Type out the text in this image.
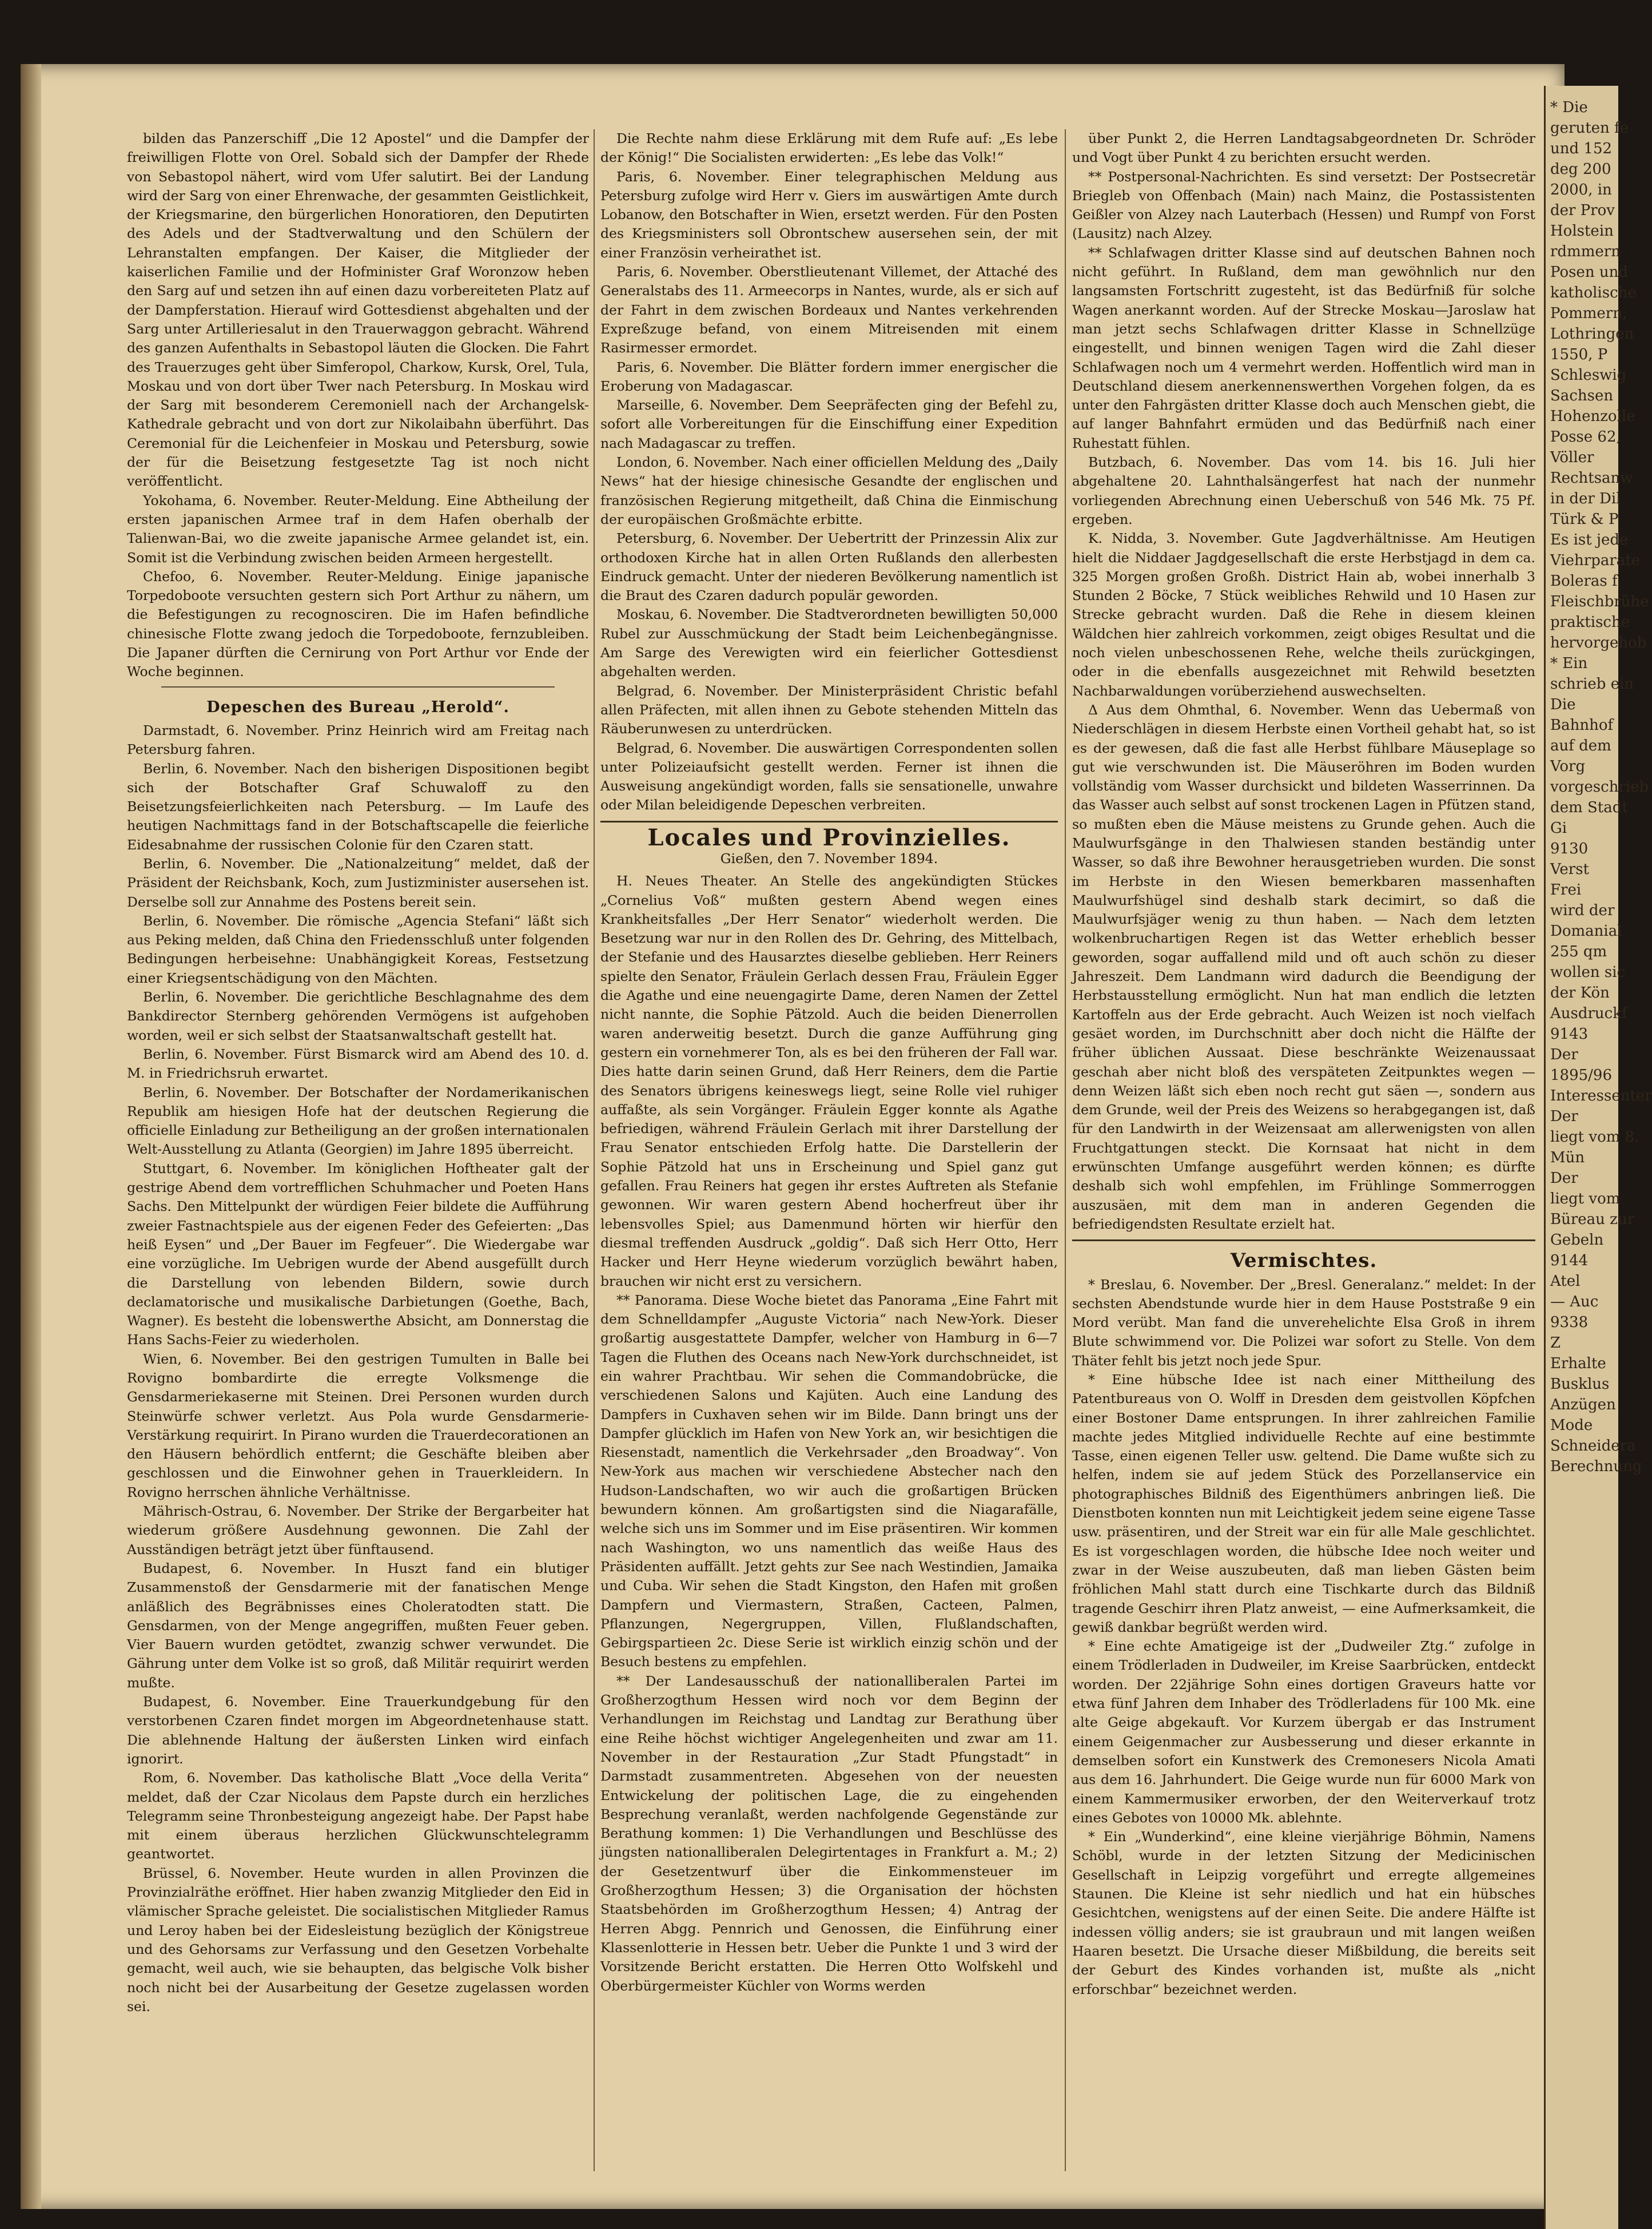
bilden das Panzerschiff „Die 12 Apostel“ und die Dampfer der freiwilligen Flotte von Orel. Sobald sich der Dampfer der Rhede von Sebastopol nähert, wird vom Ufer salutirt. Bei der Landung wird der Sarg von einer Ehrenwache, der gesammten Geistlichkeit, der Kriegsmarine, den bürgerlichen Honoratioren, den Deputirten des Adels und der Stadtverwaltung und den Schülern der Lehranstalten empfangen. Der Kaiser, die Mitglieder der kaiserlichen Familie und der Hofminister Graf Woronzow heben den Sarg auf und setzen ihn auf einen dazu vorbereiteten Platz auf der Dampferstation. Hierauf wird Gottesdienst abgehalten und der Sarg unter Artilleriesalut in den Trauerwaggon gebracht. Während des ganzen Aufenthalts in Sebastopol läuten die Glocken. Die Fahrt des Trauerzuges geht über Simferopol, Charkow, Kursk, Orel, Tula, Moskau und von dort über Twer nach Petersburg. In Moskau wird der Sarg mit besonderem Ceremoniell nach der Archangelsk-Kathedrale gebracht und von dort zur Nikolaibahn überführt. Das Ceremonial für die Leichenfeier in Moskau und Petersburg, sowie der für die Beisetzung festgesetzte Tag ist noch nicht veröffentlicht.

Yokohama, 6. November. Reuter-Meldung. Eine Abtheilung der ersten japanischen Armee traf in dem Hafen oberhalb der Talienwan-Bai, wo die zweite japanische Armee gelandet ist, ein. Somit ist die Verbindung zwischen beiden Armeen hergestellt.

Chefoo, 6. November. Reuter-Meldung. Einige japanische Torpedoboote versuchten gestern sich Port Arthur zu nähern, um die Befestigungen zu recognosciren. Die im Hafen befindliche chinesische Flotte zwang jedoch die Torpedoboote, fernzubleiben. Die Japaner dürften die Cernirung von Port Arthur vor Ende der Woche beginnen.

Depeschen des Bureau „Herold“.

Darmstadt, 6. November. Prinz Heinrich wird am Freitag nach Petersburg fahren.

Berlin, 6. November. Nach den bisherigen Dispositionen begibt sich der Botschafter Graf Schuwaloff zu den Beisetzungsfeierlichkeiten nach Petersburg. — Im Laufe des heutigen Nachmittags fand in der Botschaftscapelle die feierliche Eidesabnahme der russischen Colonie für den Czaren statt.

Berlin, 6. November. Die „Nationalzeitung“ meldet, daß der Präsident der Reichsbank, Koch, zum Justizminister ausersehen ist. Derselbe soll zur Annahme des Postens bereit sein.

Berlin, 6. November. Die römische „Agencia Stefani“ läßt sich aus Peking melden, daß China den Friedensschluß unter folgenden Bedingungen herbeisehne: Unabhängigkeit Koreas, Festsetzung einer Kriegsentschädigung von den Mächten.

Berlin, 6. November. Die gerichtliche Beschlagnahme des dem Bankdirector Sternberg gehörenden Vermögens ist aufgehoben worden, weil er sich selbst der Staatsanwaltschaft gestellt hat.

Berlin, 6. November. Fürst Bismarck wird am Abend des 10. d. M. in Friedrichsruh erwartet.

Berlin, 6. November. Der Botschafter der Nordamerikanischen Republik am hiesigen Hofe hat der deutschen Regierung die officielle Einladung zur Betheiligung an der großen internationalen Welt-Ausstellung zu Atlanta (Georgien) im Jahre 1895 überreicht.

Stuttgart, 6. November. Im königlichen Hoftheater galt der gestrige Abend dem vortrefflichen Schuhmacher und Poeten Hans Sachs. Den Mittelpunkt der würdigen Feier bildete die Aufführung zweier Fastnachtspiele aus der eigenen Feder des Gefeierten: „Das heiß Eysen“ und „Der Bauer im Fegfeuer“. Die Wiedergabe war eine vorzügliche. Im Uebrigen wurde der Abend ausgefüllt durch die Darstellung von lebenden Bildern, sowie durch declamatorische und musikalische Darbietungen (Goethe, Bach, Wagner). Es besteht die lobenswerthe Absicht, am Donnerstag die Hans Sachs-Feier zu wiederholen.

Wien, 6. November. Bei den gestrigen Tumulten in Balle bei Rovigno bombardirte die erregte Volksmenge die Gensdarmeriekaserne mit Steinen. Drei Personen wurden durch Steinwürfe schwer verletzt. Aus Pola wurde Gensdarmerie-Verstärkung requirirt. In Pirano wurden die Trauerdecorationen an den Häusern behördlich entfernt; die Geschäfte bleiben aber geschlossen und die Einwohner gehen in Trauerkleidern. In Rovigno herrschen ähnliche Verhältnisse.

Mährisch-Ostrau, 6. November. Der Strike der Bergarbeiter hat wiederum größere Ausdehnung gewonnen. Die Zahl der Ausständigen beträgt jetzt über fünftausend.

Budapest, 6. November. In Huszt fand ein blutiger Zusammenstoß der Gensdarmerie mit der fanatischen Menge anläßlich des Begräbnisses eines Choleratodten statt. Die Gensdarmen, von der Menge angegriffen, mußten Feuer geben. Vier Bauern wurden getödtet, zwanzig schwer verwundet. Die Gährung unter dem Volke ist so groß, daß Militär requirirt werden mußte.

Budapest, 6. November. Eine Trauerkundgebung für den verstorbenen Czaren findet morgen im Abgeordnetenhause statt. Die ablehnende Haltung der äußersten Linken wird einfach ignorirt.

Rom, 6. November. Das katholische Blatt „Voce della Verita“ meldet, daß der Czar Nicolaus dem Papste durch ein herzliches Telegramm seine Thronbesteigung angezeigt habe. Der Papst habe mit einem überaus herzlichen Glückwunschtelegramm geantwortet.

Brüssel, 6. November. Heute wurden in allen Provinzen die Provinzialräthe eröffnet. Hier haben zwanzig Mitglieder den Eid in vlämischer Sprache geleistet. Die socialistischen Mitglieder Ramus und Leroy haben bei der Eidesleistung bezüglich der Königstreue und des Gehorsams zur Verfassung und den Gesetzen Vorbehalte gemacht, weil auch, wie sie behaupten, das belgische Volk bisher noch nicht bei der Ausarbeitung der Gesetze zugelassen worden sei.

Die Rechte nahm diese Erklärung mit dem Rufe auf: „Es lebe der König!“ Die Socialisten erwiderten: „Es lebe das Volk!“

Paris, 6. November. Einer telegraphischen Meldung aus Petersburg zufolge wird Herr v. Giers im auswärtigen Amte durch Lobanow, den Botschafter in Wien, ersetzt werden. Für den Posten des Kriegsministers soll Obrontschew ausersehen sein, der mit einer Französin verheirathet ist.

Paris, 6. November. Oberstlieutenant Villemet, der Attaché des Generalstabs des 11. Armeecorps in Nantes, wurde, als er sich auf der Fahrt in dem zwischen Bordeaux und Nantes verkehrenden Expreßzuge befand, von einem Mitreisenden mit einem Rasirmesser ermordet.

Paris, 6. November. Die Blätter fordern immer energischer die Eroberung von Madagascar.

Marseille, 6. November. Dem Seepräfecten ging der Befehl zu, sofort alle Vorbereitungen für die Einschiffung einer Expedition nach Madagascar zu treffen.

London, 6. November. Nach einer officiellen Meldung des „Daily News“ hat der hiesige chinesische Gesandte der englischen und französischen Regierung mitgetheilt, daß China die Einmischung der europäischen Großmächte erbitte.

Petersburg, 6. November. Der Uebertritt der Prinzessin Alix zur orthodoxen Kirche hat in allen Orten Rußlands den allerbesten Eindruck gemacht. Unter der niederen Bevölkerung namentlich ist die Braut des Czaren dadurch populär geworden.

Moskau, 6. November. Die Stadtverordneten bewilligten 50,000 Rubel zur Ausschmückung der Stadt beim Leichenbegängnisse. Am Sarge des Verewigten wird ein feierlicher Gottesdienst abgehalten werden.

Belgrad, 6. November. Der Ministerpräsident Christic befahl allen Präfecten, mit allen ihnen zu Gebote stehenden Mitteln das Räuberunwesen zu unterdrücken.

Belgrad, 6. November. Die auswärtigen Correspondenten sollen unter Polizeiaufsicht gestellt werden. Ferner ist ihnen die Ausweisung angekündigt worden, falls sie sensationelle, unwahre oder Milan beleidigende Depeschen verbreiten.

Locales und Provinzielles.

Gießen, den 7. November 1894.

H. Neues Theater. An Stelle des angekündigten Stückes „Cornelius Voß“ mußten gestern Abend wegen eines Krankheitsfalles „Der Herr Senator“ wiederholt werden. Die Besetzung war nur in den Rollen des Dr. Gehring, des Mittelbach, der Stefanie und des Hausarztes dieselbe geblieben. Herr Reiners spielte den Senator, Fräulein Gerlach dessen Frau, Fräulein Egger die Agathe und eine neuengagirte Dame, deren Namen der Zettel nicht nannte, die Sophie Pätzold. Auch die beiden Dienerrollen waren anderweitig besetzt. Durch die ganze Aufführung ging gestern ein vornehmerer Ton, als es bei den früheren der Fall war. Dies hatte darin seinen Grund, daß Herr Reiners, dem die Partie des Senators übrigens keineswegs liegt, seine Rolle viel ruhiger auffaßte, als sein Vorgänger. Fräulein Egger konnte als Agathe befriedigen, während Fräulein Gerlach mit ihrer Darstellung der Frau Senator entschieden Erfolg hatte. Die Darstellerin der Sophie Pätzold hat uns in Erscheinung und Spiel ganz gut gefallen. Frau Reiners hat gegen ihr erstes Auftreten als Stefanie gewonnen. Wir waren gestern Abend hocherfreut über ihr lebensvolles Spiel; aus Damenmund hörten wir hierfür den diesmal treffenden Ausdruck „goldig“. Daß sich Herr Otto, Herr Hacker und Herr Heyne wiederum vorzüglich bewährt haben, brauchen wir nicht erst zu versichern.

** Panorama. Diese Woche bietet das Panorama „Eine Fahrt mit dem Schnelldampfer „Auguste Victoria“ nach New-York. Dieser großartig ausgestattete Dampfer, welcher von Hamburg in 6—7 Tagen die Fluthen des Oceans nach New-York durchschneidet, ist ein wahrer Prachtbau. Wir sehen die Commandobrücke, die verschiedenen Salons und Kajüten. Auch eine Landung des Dampfers in Cuxhaven sehen wir im Bilde. Dann bringt uns der Dampfer glücklich im Hafen von New York an, wir besichtigen die Riesenstadt, namentlich die Verkehrsader „den Broadway“. Von New-York aus machen wir verschiedene Abstecher nach den Hudson-Landschaften, wo wir auch die großartigen Brücken bewundern können. Am großartigsten sind die Niagarafälle, welche sich uns im Sommer und im Eise präsentiren. Wir kommen nach Washington, wo uns namentlich das weiße Haus des Präsidenten auffällt. Jetzt gehts zur See nach Westindien, Jamaika und Cuba. Wir sehen die Stadt Kingston, den Hafen mit großen Dampfern und Viermastern, Straßen, Cacteen, Palmen, Pflanzungen, Negergruppen, Villen, Flußlandschaften, Gebirgspartieen 2c. Diese Serie ist wirklich einzig schön und der Besuch bestens zu empfehlen.

** Der Landesausschuß der nationalliberalen Partei im Großherzogthum Hessen wird noch vor dem Beginn der Verhandlungen im Reichstag und Landtag zur Berathung über eine Reihe höchst wichtiger Angelegenheiten und zwar am 11. November in der Restauration „Zur Stadt Pfungstadt“ in Darmstadt zusammentreten. Abgesehen von der neuesten Entwickelung der politischen Lage, die zu eingehenden Besprechung veranlaßt, werden nachfolgende Gegenstände zur Berathung kommen: 1) Die Verhandlungen und Beschlüsse des jüngsten nationalliberalen Delegirtentages in Frankfurt a. M.; 2) der Gesetzentwurf über die Einkommensteuer im Großherzogthum Hessen; 3) die Organisation der höchsten Staatsbehörden im Großherzogthum Hessen; 4) Antrag der Herren Abgg. Pennrich und Genossen, die Einführung einer Klassenlotterie in Hessen betr. Ueber die Punkte 1 und 3 wird der Vorsitzende Bericht erstatten. Die Herren Otto Wolfskehl und Oberbürgermeister Küchler von Worms werden

über Punkt 2, die Herren Landtagsabgeordneten Dr. Schröder und Vogt über Punkt 4 zu berichten ersucht werden.

** Postpersonal-Nachrichten. Es sind versetzt: Der Postsecretär Briegleb von Offenbach (Main) nach Mainz, die Postassistenten Geißler von Alzey nach Lauterbach (Hessen) und Rumpf von Forst (Lausitz) nach Alzey.

** Schlafwagen dritter Klasse sind auf deutschen Bahnen noch nicht geführt. In Rußland, dem man gewöhnlich nur den langsamsten Fortschritt zugesteht, ist das Bedürfniß für solche Wagen anerkannt worden. Auf der Strecke Moskau—Jaroslaw hat man jetzt sechs Schlafwagen dritter Klasse in Schnellzüge eingestellt, und binnen wenigen Tagen wird die Zahl dieser Schlafwagen noch um 4 vermehrt werden. Hoffentlich wird man in Deutschland diesem anerkennenswerthen Vorgehen folgen, da es unter den Fahrgästen dritter Klasse doch auch Menschen giebt, die auf langer Bahnfahrt ermüden und das Bedürfniß nach einer Ruhestatt fühlen.

Butzbach, 6. November. Das vom 14. bis 16. Juli hier abgehaltene 20. Lahnthalsängerfest hat nach der nunmehr vorliegenden Abrechnung einen Ueberschuß von 546 Mk. 75 Pf. ergeben.

K. Nidda, 3. November. Gute Jagdverhältnisse. Am Heutigen hielt die Niddaer Jagdgesellschaft die erste Herbstjagd in dem ca. 325 Morgen großen Großh. District Hain ab, wobei innerhalb 3 Stunden 2 Böcke, 7 Stück weibliches Rehwild und 10 Hasen zur Strecke gebracht wurden. Daß die Rehe in diesem kleinen Wäldchen hier zahlreich vorkommen, zeigt obiges Resultat und die noch vielen unbeschossenen Rehe, welche theils zurückgingen, oder in die ebenfalls ausgezeichnet mit Rehwild besetzten Nachbarwaldungen vorüberziehend auswechselten.

Δ Aus dem Ohmthal, 6. November. Wenn das Uebermaß von Niederschlägen in diesem Herbste einen Vortheil gehabt hat, so ist es der gewesen, daß die fast alle Herbst fühlbare Mäuseplage so gut wie verschwunden ist. Die Mäuseröhren im Boden wurden vollständig vom Wasser durchsickt und bildeten Wasserrinnen. Da das Wasser auch selbst auf sonst trockenen Lagen in Pfützen stand, so mußten eben die Mäuse meistens zu Grunde gehen. Auch die Maulwurfsgänge in den Thalwiesen standen beständig unter Wasser, so daß ihre Bewohner herausgetrieben wurden. Die sonst im Herbste in den Wiesen bemerkbaren massenhaften Maulwurfshügel sind deshalb stark decimirt, so daß die Maulwurfsjäger wenig zu thun haben. — Nach dem letzten wolkenbruchartigen Regen ist das Wetter erheblich besser geworden, sogar auffallend mild und oft auch schön zu dieser Jahreszeit. Dem Landmann wird dadurch die Beendigung der Herbstausstellung ermöglicht. Nun hat man endlich die letzten Kartoffeln aus der Erde gebracht. Auch Weizen ist noch vielfach gesäet worden, im Durchschnitt aber doch nicht die Hälfte der früher üblichen Aussaat. Diese beschränkte Weizenaussaat geschah aber nicht bloß des verspäteten Zeitpunktes wegen — denn Weizen läßt sich eben noch recht gut säen —, sondern aus dem Grunde, weil der Preis des Weizens so herabgegangen ist, daß für den Landwirth in der Weizensaat am allerwenigsten von allen Fruchtgattungen steckt. Die Kornsaat hat nicht in dem erwünschten Umfange ausgeführt werden können; es dürfte deshalb sich wohl empfehlen, im Frühlinge Sommerroggen auszusäen, mit dem man in anderen Gegenden die befriedigendsten Resultate erzielt hat.

Vermischtes.

* Breslau, 6. November. Der „Bresl. Generalanz.“ meldet: In der sechsten Abendstunde wurde hier in dem Hause Poststraße 9 ein Mord verübt. Man fand die unverehelichte Elsa Groß in ihrem Blute schwimmend vor. Die Polizei war sofort zu Stelle. Von dem Thäter fehlt bis jetzt noch jede Spur.

* Eine hübsche Idee ist nach einer Mittheilung des Patentbureaus von O. Wolff in Dresden dem geistvollen Köpfchen einer Bostoner Dame entsprungen. In ihrer zahlreichen Familie machte jedes Mitglied individuelle Rechte auf eine bestimmte Tasse, einen eigenen Teller usw. geltend. Die Dame wußte sich zu helfen, indem sie auf jedem Stück des Porzellanservice ein photographisches Bildniß des Eigenthümers anbringen ließ. Die Dienstboten konnten nun mit Leichtigkeit jedem seine eigene Tasse usw. präsentiren, und der Streit war ein für alle Male geschlichtet. Es ist vorgeschlagen worden, die hübsche Idee noch weiter und zwar in der Weise auszubeuten, daß man lieben Gästen beim fröhlichen Mahl statt durch eine Tischkarte durch das Bildniß tragende Geschirr ihren Platz anweist, — eine Aufmerksamkeit, die gewiß dankbar begrüßt werden wird.

* Eine echte Amatigeige ist der „Dudweiler Ztg.“ zufolge in einem Trödlerladen in Dudweiler, im Kreise Saarbrücken, entdeckt worden. Der 22jährige Sohn eines dortigen Graveurs hatte vor etwa fünf Jahren dem Inhaber des Trödlerladens für 100 Mk. eine alte Geige abgekauft. Vor Kurzem übergab er das Instrument einem Geigenmacher zur Ausbesserung und dieser erkannte in demselben sofort ein Kunstwerk des Cremonesers Nicola Amati aus dem 16. Jahrhundert. Die Geige wurde nun für 6000 Mark von einem Kammermusiker erworben, der den Weiterverkauf trotz eines Gebotes von 10000 Mk. ablehnte.

* Ein „Wunderkind“, eine kleine vierjährige Böhmin, Namens Schöbl, wurde in der letzten Sitzung der Medicinischen Gesellschaft in Leipzig vorgeführt und erregte allgemeines Staunen. Die Kleine ist sehr niedlich und hat ein hübsches Gesichtchen, wenigstens auf der einen Seite. Die andere Hälfte ist indessen völlig anders; sie ist graubraun und mit langen weißen Haaren besetzt. Die Ursache dieser Mißbildung, die bereits seit der Geburt des Kindes vorhanden ist, mußte als „nicht erforschbar“ bezeichnet werden.

* Die

geruten fe

und 152

deg 200

2000, in

der Prov

Holstein

rdmmern

Posen und

katholische

Pommern,

Lothringen

1550, P

Schleswig

Sachsen

Hohenzolle

Posse 62,

Völler

Rechtsanw

in der Dil

Türk & P

Es ist jede

Viehrparate

Boleras f

Fleischbrühe

praktische

hervorgehob

* Ein

schrieb ein

Die

Bahnhof

auf dem

Vorg

vorgeschrieb

dem Stadt

Gi

9130

Verst

Frei

wird der

Domanial

255 qm

wollen sic

der Kön

Ausdruckf

9143

Der

1895/96

Interessenter

Der

liegt vom 8.

Mün

Der

liegt vom

Büreau zur

Gebeln

9144

Atel

— Auc

9338

Z

Erhalte

Busklus

Anzügen

Mode

Schneidera

Berechnung
